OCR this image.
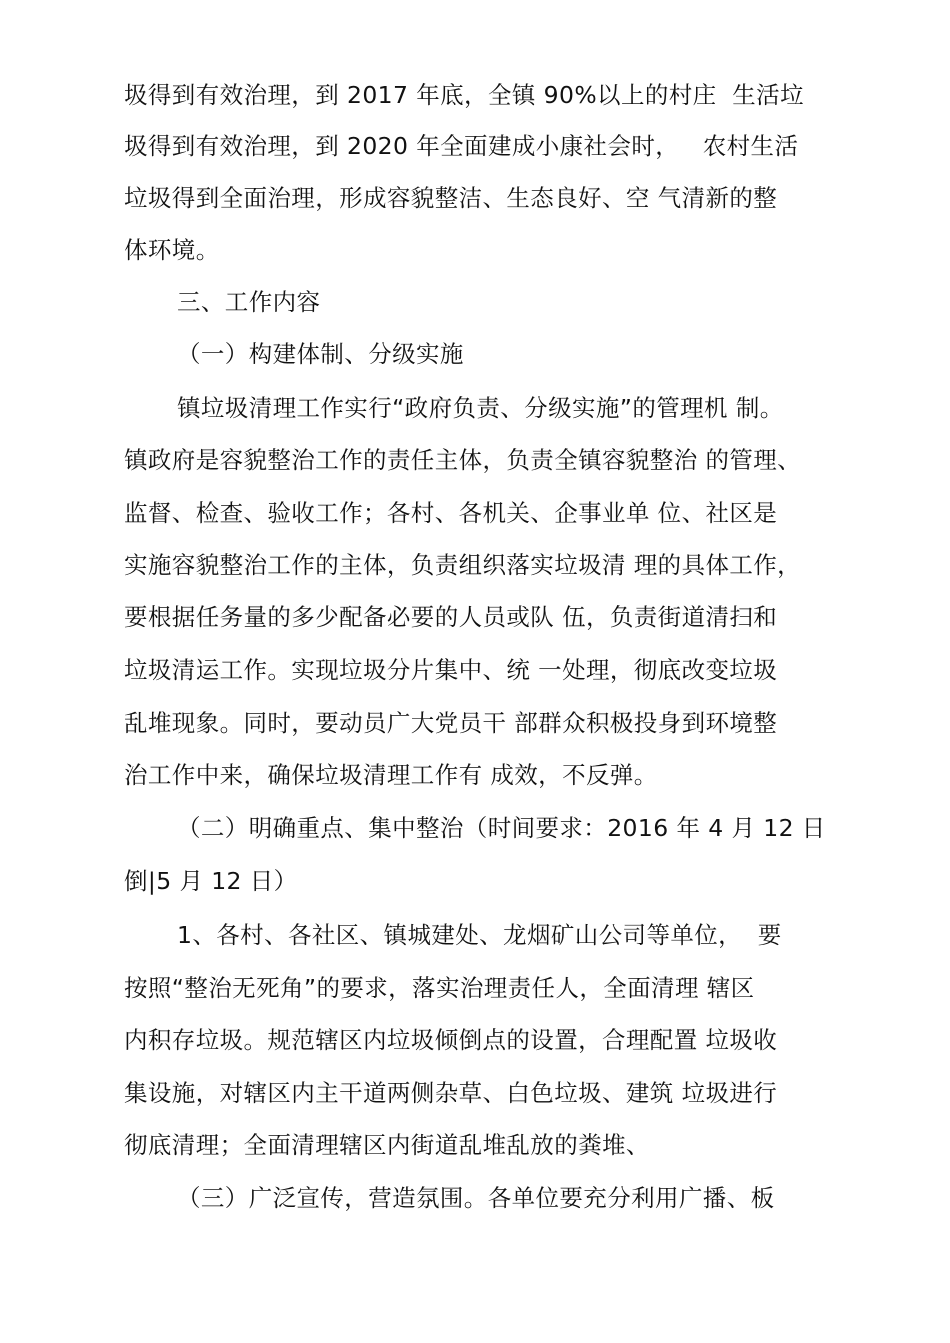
圾得到有效治理，到 2017 年底，全镇 90%以上的村庄  生活垃
圾得到有效治理，到 2020 年全面建成小康社会时，   农村生活
垃圾得到全面治理，形成容貌整洁、生态良好、空 气清新的整
体环境。
三、工作内容
（一）构建体制、分级实施
镇垃圾清理工作实行“政府负责、分级实施”的管理机 制。
镇政府是容貌整治工作的责任主体，负责全镇容貌整治 的管理、
监督、检查、验收工作；各村、各机关、企事业单 位、社区是
实施容貌整治工作的主体，负责组织落实垃圾清 理的具体工作，
要根据任务量的多少配备必要的人员或队 伍，负责街道清扫和
垃圾清运工作。实现垃圾分片集中、统 一处理，彻底改变垃圾
乱堆现象。同时，要动员广大党员干 部群众积极投身到环境整
治工作中来，确保垃圾清理工作有 成效，不反弹。
（二）明确重点、集中整治（时间要求：2016 年 4 月 12 日
倒|5 月 12 日）
1、各村、各社区、镇城建处、龙烟矿山公司等单位，  要
按照“整治无死角”的要求，落实治理责任人，全面清理 辖区
内积存垃圾。规范辖区内垃圾倾倒点的设置，合理配置 垃圾收
集设施，对辖区内主干道两侧杂草、白色垃圾、建筑 垃圾进行
彻底清理；全面清理辖区内街道乱堆乱放的粪堆、
（三）广泛宣传，营造氛围。各单位要充分利用广播、板
